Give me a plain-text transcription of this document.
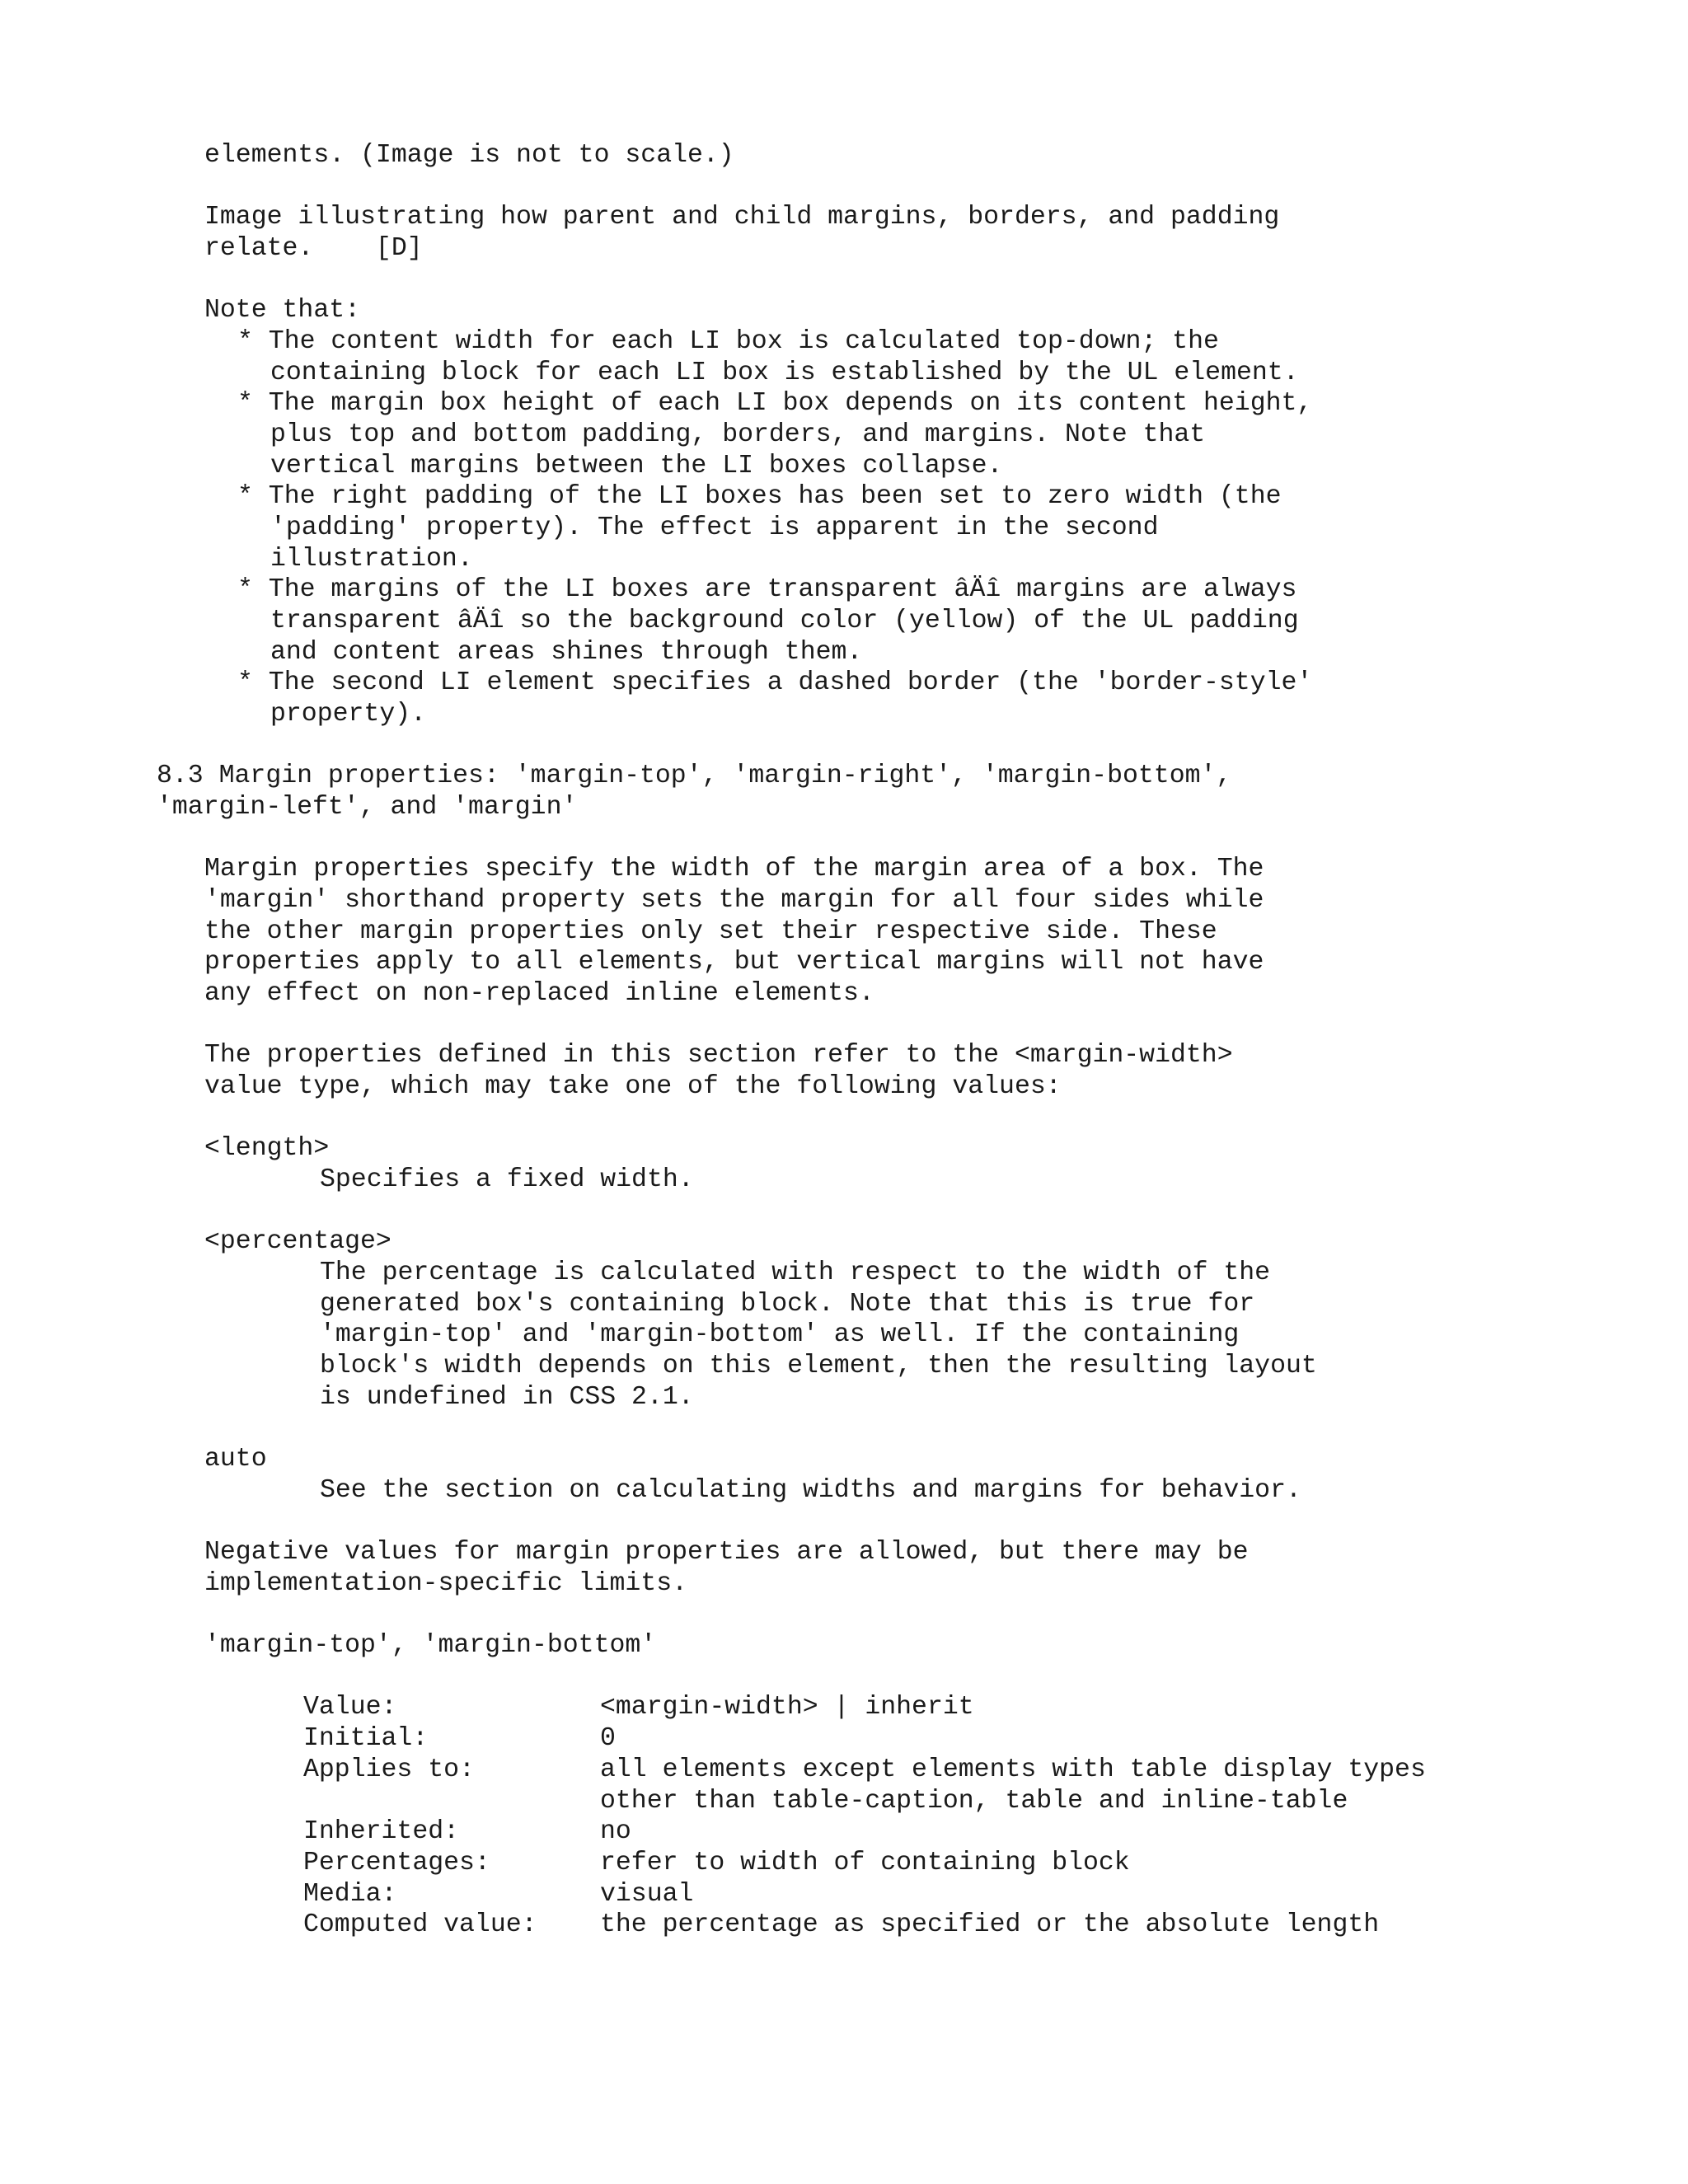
elements. (Image is not to scale.)
Image illustrating how parent and child margins, borders, and padding
relate.    [D]
Note that:
* The content width for each LI box is calculated top-down; the
containing block for each LI box is established by the UL element.
* The margin box height of each LI box depends on its content height,
plus top and bottom padding, borders, and margins. Note that
vertical margins between the LI boxes collapse.
* The right padding of the LI boxes has been set to zero width (the
'padding' property). The effect is apparent in the second
illustration.
* The margins of the LI boxes are transparent âÄî margins are always
transparent âÄî so the background color (yellow) of the UL padding
and content areas shines through them.
* The second LI element specifies a dashed border (the 'border-style'
property).
8.3 Margin properties: 'margin-top', 'margin-right', 'margin-bottom',
'margin-left', and 'margin'
Margin properties specify the width of the margin area of a box. The
'margin' shorthand property sets the margin for all four sides while
the other margin properties only set their respective side. These
properties apply to all elements, but vertical margins will not have
any effect on non-replaced inline elements.
The properties defined in this section refer to the <margin-width>
value type, which may take one of the following values:
<length>
Specifies a fixed width.
<percentage>
The percentage is calculated with respect to the width of the
generated box's containing block. Note that this is true for
'margin-top' and 'margin-bottom' as well. If the containing
block's width depends on this element, then the resulting layout
is undefined in CSS 2.1.
auto
See the section on calculating widths and margins for behavior.
Negative values for margin properties are allowed, but there may be
implementation-specific limits.
'margin-top', 'margin-bottom'
Value:	<margin-width> | inherit
Initial:	0
Applies to:	all elements except elements with table display types
other than table-caption, table and inline-table
Inherited:	no
Percentages:	refer to width of containing block
Media:	visual
Computed value: the percentage as specified or the absolute length
